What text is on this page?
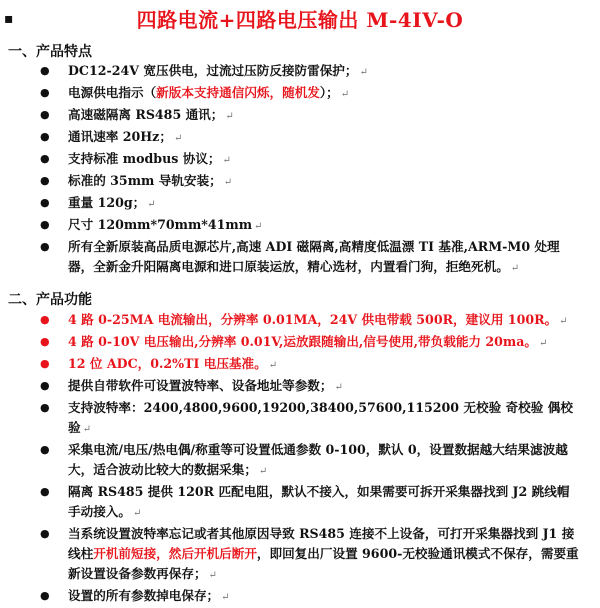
▪	四路电流+四路电压输出 M-4IV-O
一、产品特点
● DC12-24V 宽压供电，过流过压防反接防雷保护； ↵
● 电源供电指示（新版本支持通信闪烁，随机发）； ↵
● 高速磁隔离 RS485 通讯； ↵
● 通讯速率 20Hz； ↵
● 支持标准 modbus 协议； ↵
● 标准的 35mm 导轨安装； ↵
● 重量 120g； ↵
● 尺寸 120mm*70mm*41mm ↵
● 所有全新原装高品质电源芯片,高速 ADI 磁隔离,高精度低温漂 TI 基准,ARM-M0 处理器，全新金升阳隔离电源和进口原装运放，精心选材，内置看门狗，拒绝死机。 ↵
二、产品功能
● 4 路 0-25MA 电流输出，分辨率 0.01MA，24V 供电带载 500R，建议用 100R。 ↵
● 4 路 0-10V 电压输出,分辨率 0.01V,运放跟随输出,信号使用,带负载能力 20ma。 ↵
● 12 位 ADC，0.2%TI 电压基准。 ↵
● 提供自带软件可设置波特率、设备地址等参数； ↵
● 支持波特率：2400,4800,9600,19200,38400,57600,115200 无校验 奇校验 偶校验 ↵
● 采集电流/电压/热电偶/称重等可设置低通参数 0-100，默认 0，设置数据越大结果滤波越大，适合波动比较大的数据采集； ↵
● 隔离 RS485 提供 120R 匹配电阻，默认不接入，如果需要可拆开采集器找到 J2 跳线帽手动接入。 ↵
● 当系统设置波特率忘记或者其他原因导致 RS485 连接不上设备，可打开采集器找到 J1 接线柱开机前短接，然后开机后断开，即回复出厂设置 9600-无校验通讯模式不保存，需要重新设置设备参数再保存； ↵
● 设置的所有参数掉电保存； ↵
